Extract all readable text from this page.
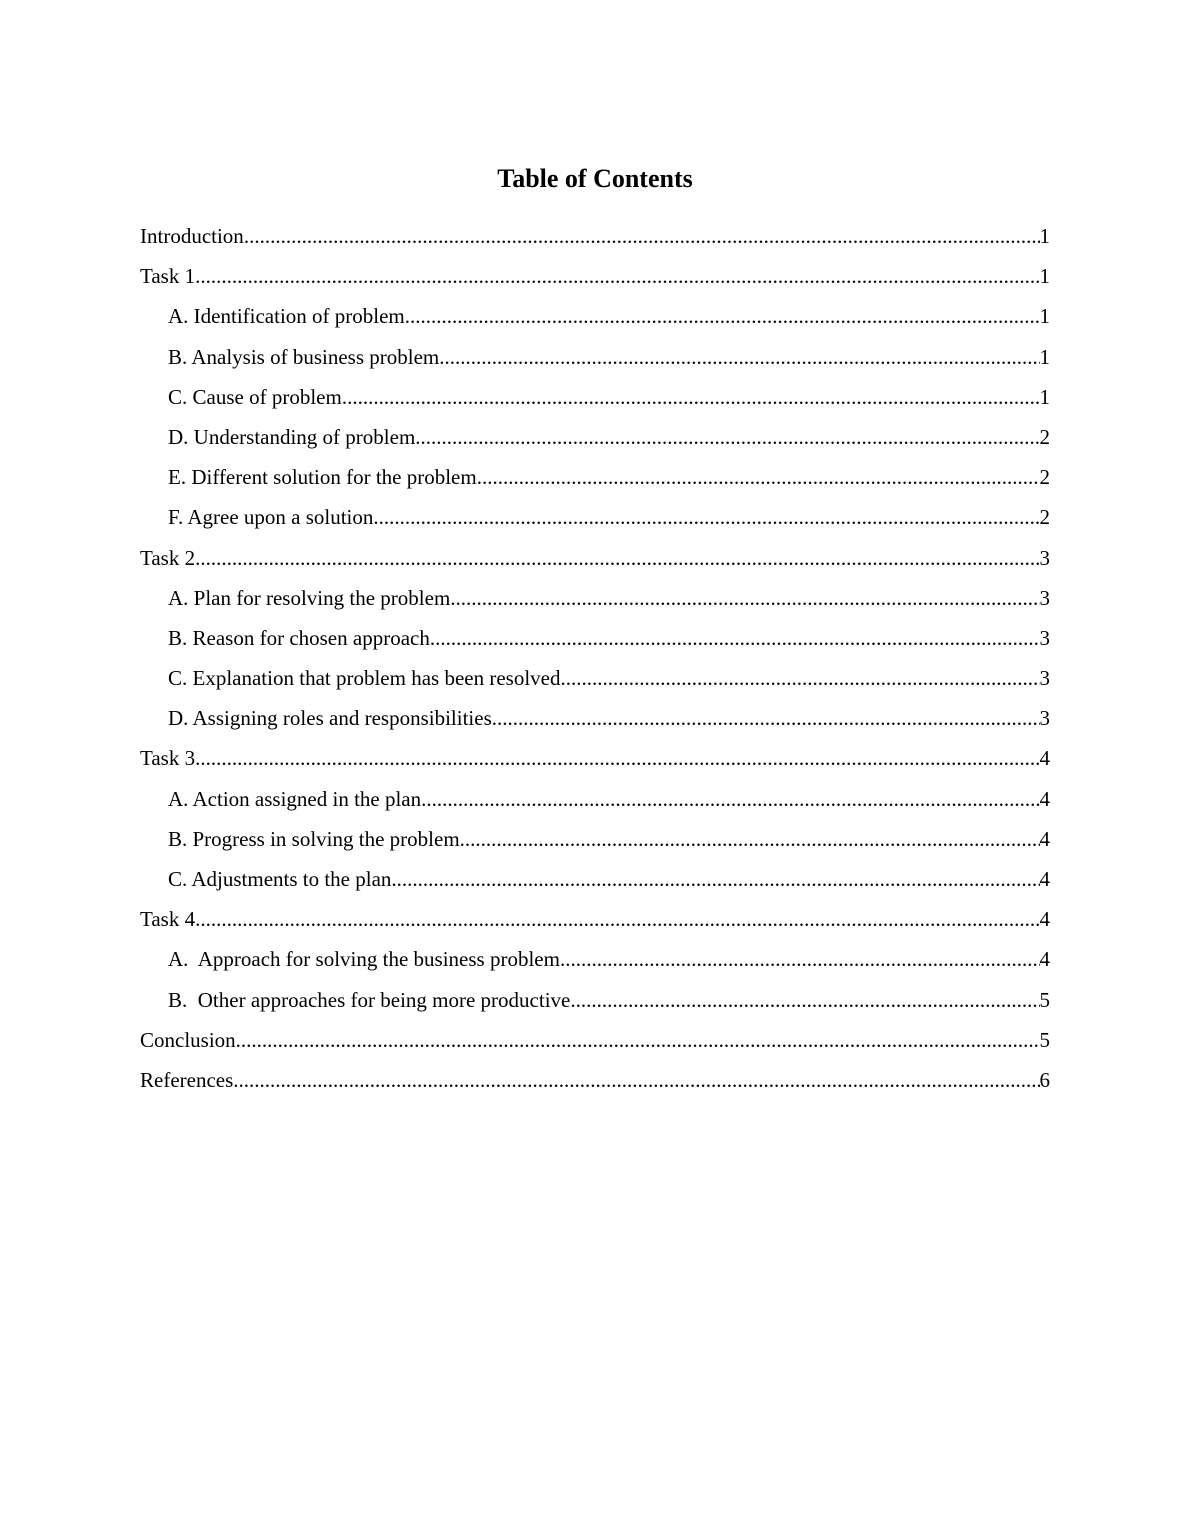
Table of Contents
Introduction .....	1
Task 1 .....	1
A. Identification of problem .....	1
B. Analysis of business problem .....	1
C. Cause of problem .....	1
D. Understanding of problem .....	2
E. Different solution for the problem .....	2
F. Agree upon a solution .....	2
Task 2 .....	3
A. Plan for resolving the problem .....	3
B. Reason for chosen approach .....	3
C. Explanation that problem has been resolved .....	3
D. Assigning roles and responsibilities .....	3
Task 3 .....	4
A. Action assigned in the plan .....	4
B. Progress in solving the problem .....	4
C. Adjustments to the plan .....	4
Task 4 .....	4
A.  Approach for solving the business problem .....	4
B.  Other approaches for being more productive .....	5
Conclusion .....	5
References .....	6
